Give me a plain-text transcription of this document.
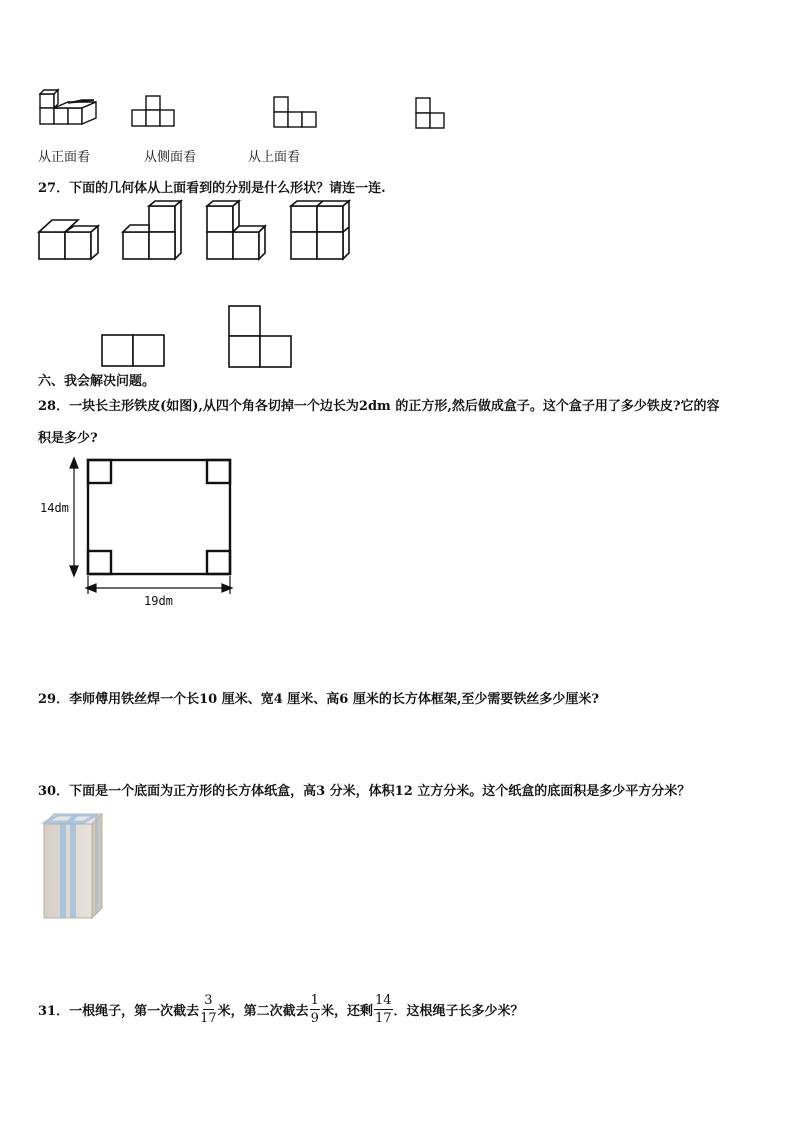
从正面看	从侧面看	从上面看
27．下面的几何体从上面看到的分别是什么形状？请连一连.
六、我会解决问题。
28．一块长主形铁皮(如图),从四个角各切掉一个边长为2dm 的正方形,然后做成盒子。这个盒子用了多少铁皮?它的容
积是多少?
14dm
19dm
29．李师傅用铁丝焊一个长10 厘米、宽4 厘米、高6 厘米的长方体框架,至少需要铁丝多少厘米?
30．下面是一个底面为正方形的长方体纸盒，高3 分米，体积12 立方分米。这个纸盒的底面积是多少平方分米？
31．一根绳子，第一次截去 $\frac{3}{17}$ 米，第二次截去 $\frac{1}{9}$ 米，还剩 $\frac{14}{17}$ ．这根绳子长多少米？
